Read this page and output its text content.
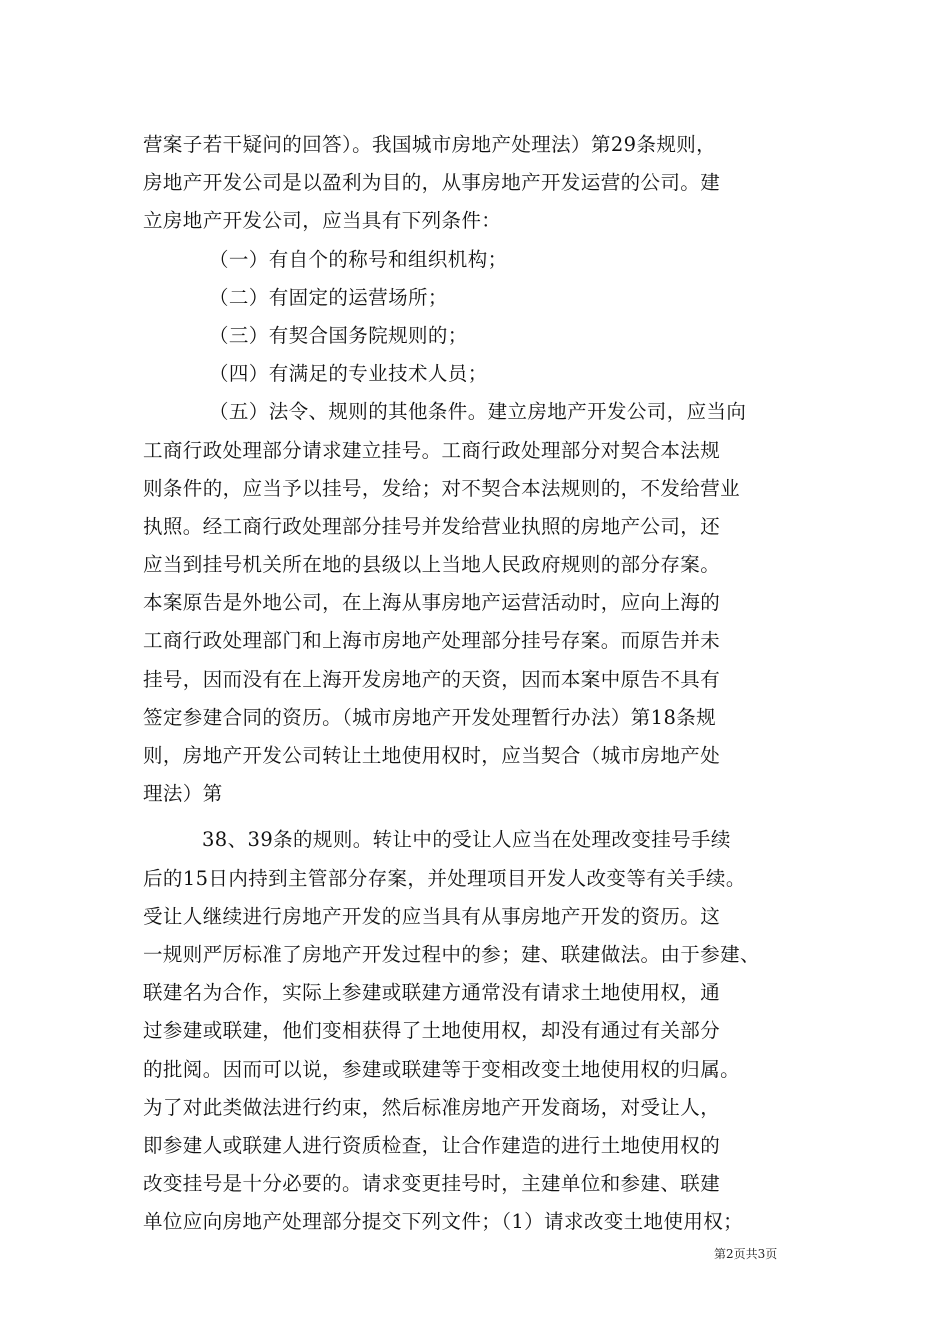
营案子若干疑问的回答）。我国城市房地产处理法）第29条规则，
房地产开发公司是以盈利为目的，从事房地产开发运营的公司。建
立房地产开发公司，应当具有下列条件：
（一）有自个的称号和组织机构；
（二）有固定的运营场所；
（三）有契合国务院规则的；
（四）有满足的专业技术人员；
（五）法令、规则的其他条件。建立房地产开发公司，应当向
工商行政处理部分请求建立挂号。工商行政处理部分对契合本法规
则条件的，应当予以挂号，发给；对不契合本法规则的，不发给营业
执照。经工商行政处理部分挂号并发给营业执照的房地产公司，还
应当到挂号机关所在地的县级以上当地人民政府规则的部分存案。
本案原告是外地公司，在上海从事房地产运营活动时，应向上海的
工商行政处理部门和上海市房地产处理部分挂号存案。而原告并未
挂号，因而没有在上海开发房地产的天资，因而本案中原告不具有
签定参建合同的资历。（城市房地产开发处理暂行办法）第18条规
则，房地产开发公司转让土地使用权时，应当契合（城市房地产处
理法）第
38、39条的规则。转让中的受让人应当在处理改变挂号手续
后的15日内持到主管部分存案，并处理项目开发人改变等有关手续。
受让人继续进行房地产开发的应当具有从事房地产开发的资历。这
一规则严厉标准了房地产开发过程中的参；建、联建做法。由于参建、
联建名为合作，实际上参建或联建方通常没有请求土地使用权，通
过参建或联建，他们变相获得了土地使用权，却没有通过有关部分
的批阅。因而可以说，参建或联建等于变相改变土地使用权的归属。
为了对此类做法进行约束，然后标准房地产开发商场，对受让人，
即参建人或联建人进行资质检查，让合作建造的进行土地使用权的
改变挂号是十分必要的。请求变更挂号时，主建单位和参建、联建
单位应向房地产处理部分提交下列文件；（1）请求改变土地使用权；
第2页共3页
